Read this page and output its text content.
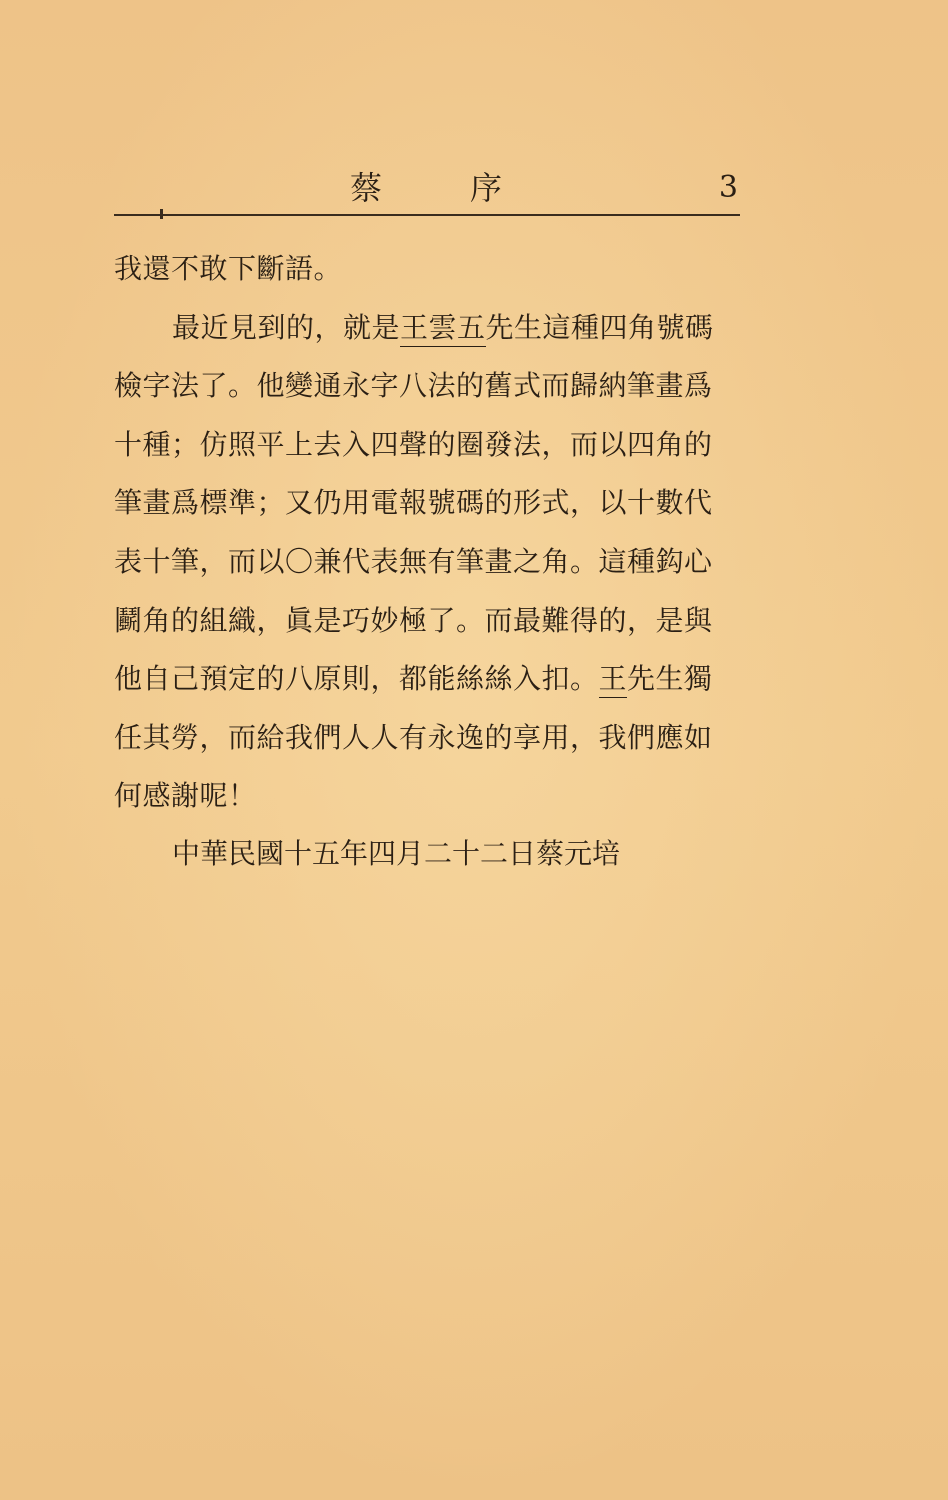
蔡序	3
我還不敢下斷語。
最近見到的，就是王雲五先生這種四角號碼
檢字法了。他變通永字八法的舊式而歸納筆畫爲
十種；仿照平上去入四聲的圈發法，而以四角的
筆畫爲標準；又仍用電報號碼的形式，以十數代
表十筆，而以〇兼代表無有筆畫之角。這種鈎心
鬬角的組織，眞是巧妙極了。而最難得的，是與
他自己預定的八原則，都能絲絲入扣。王先生獨
任其勞，而給我們人人有永逸的享用，我們應如
何感謝呢！
中華民國十五年四月二十二日蔡元培
